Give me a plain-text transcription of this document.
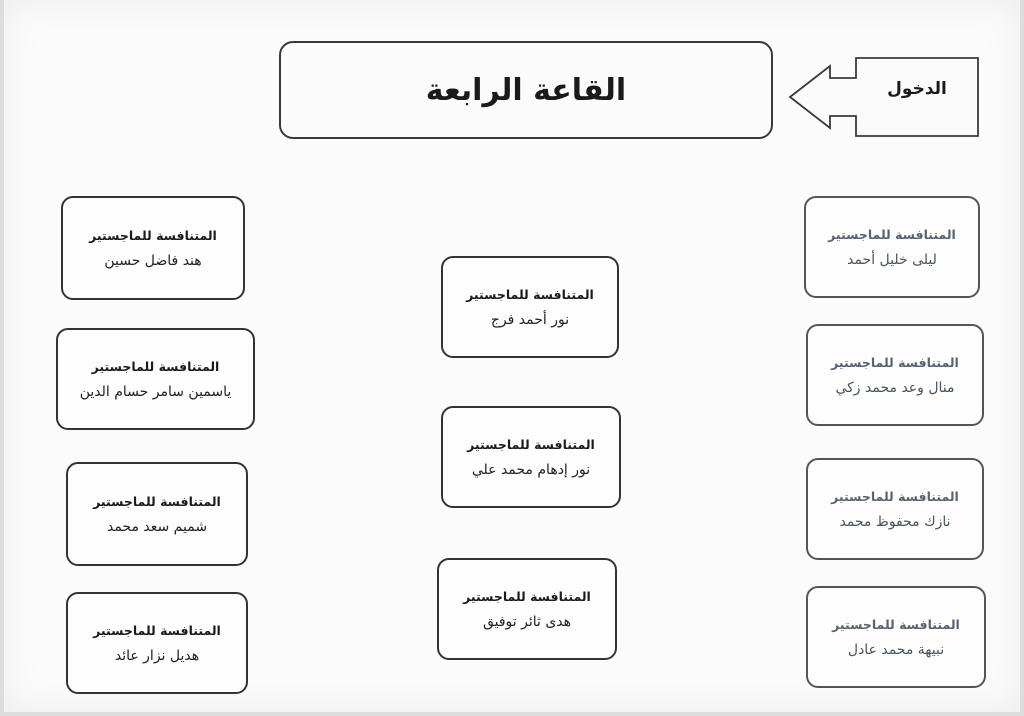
القاعة الرابعة	الدخول
المتنافسة للماجستير
هند فاضل حسين
المتنافسة للماجستير
ياسمين سامر حسام الدين
المتنافسة للماجستير
شميم سعد محمد
المتنافسة للماجستير
هديل نزار عائد
المتنافسة للماجستير
نور أحمد فرج
المتنافسة للماجستير
نور إدهام محمد علي
المتنافسة للماجستير
هدى ثائر توفيق
المتنافسة للماجستير
ليلى خليل أحمد
المتنافسة للماجستير
منال وعد محمد زكي
المتنافسة للماجستير
نازك محفوظ محمد
المتنافسة للماجستير
نبيهة محمد عادل
